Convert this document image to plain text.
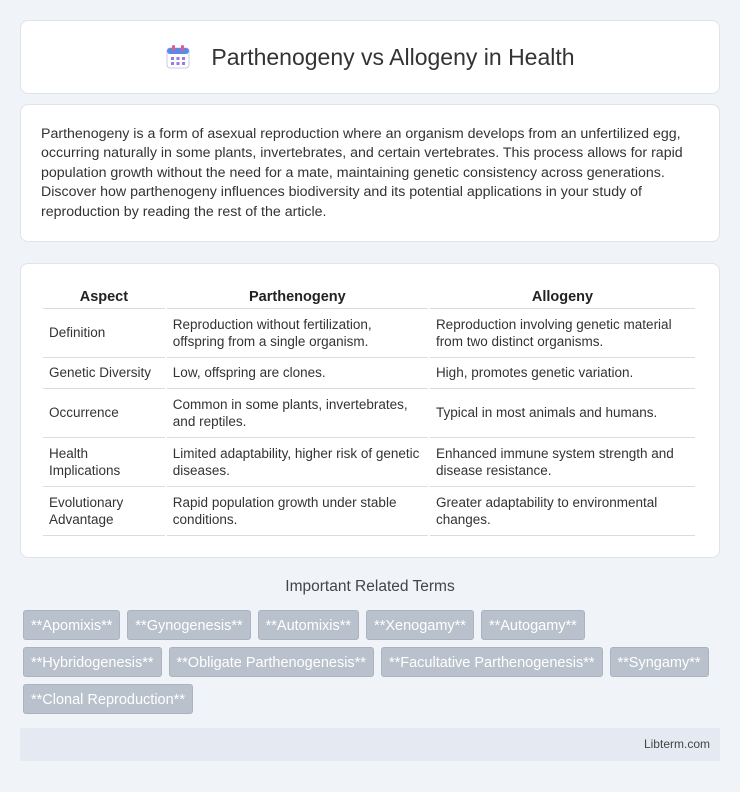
Parthenogeny vs Allogeny in Health

Parthenogeny is a form of asexual reproduction where an organism develops from an unfertilized egg, occurring naturally in some plants, invertebrates, and certain vertebrates. This process allows for rapid population growth without the need for a mate, maintaining genetic consistency across generations. Discover how parthenogeny influences biodiversity and its potential applications in your study of reproduction by reading the rest of the article.

Aspect	Parthenogeny	Allogeny
Definition	Reproduction without fertilization, offspring from a single organism.	Reproduction involving genetic material from two distinct organisms.
Genetic Diversity	Low, offspring are clones.	High, promotes genetic variation.
Occurrence	Common in some plants, invertebrates, and reptiles.	Typical in most animals and humans.
Health Implications	Limited adaptability, higher risk of genetic diseases.	Enhanced immune system strength and disease resistance.
Evolutionary Advantage	Rapid population growth under stable conditions.	Greater adaptability to environmental changes.
Important Related Terms
**Apomixis**	**Gynogenesis**	**Automixis**	**Xenogamy**	**Autogamy**
**Hybridogenesis**	**Obligate Parthenogenesis**	**Facultative Parthenogenesis**	**Syngamy**
**Clonal Reproduction**
Libterm.com
